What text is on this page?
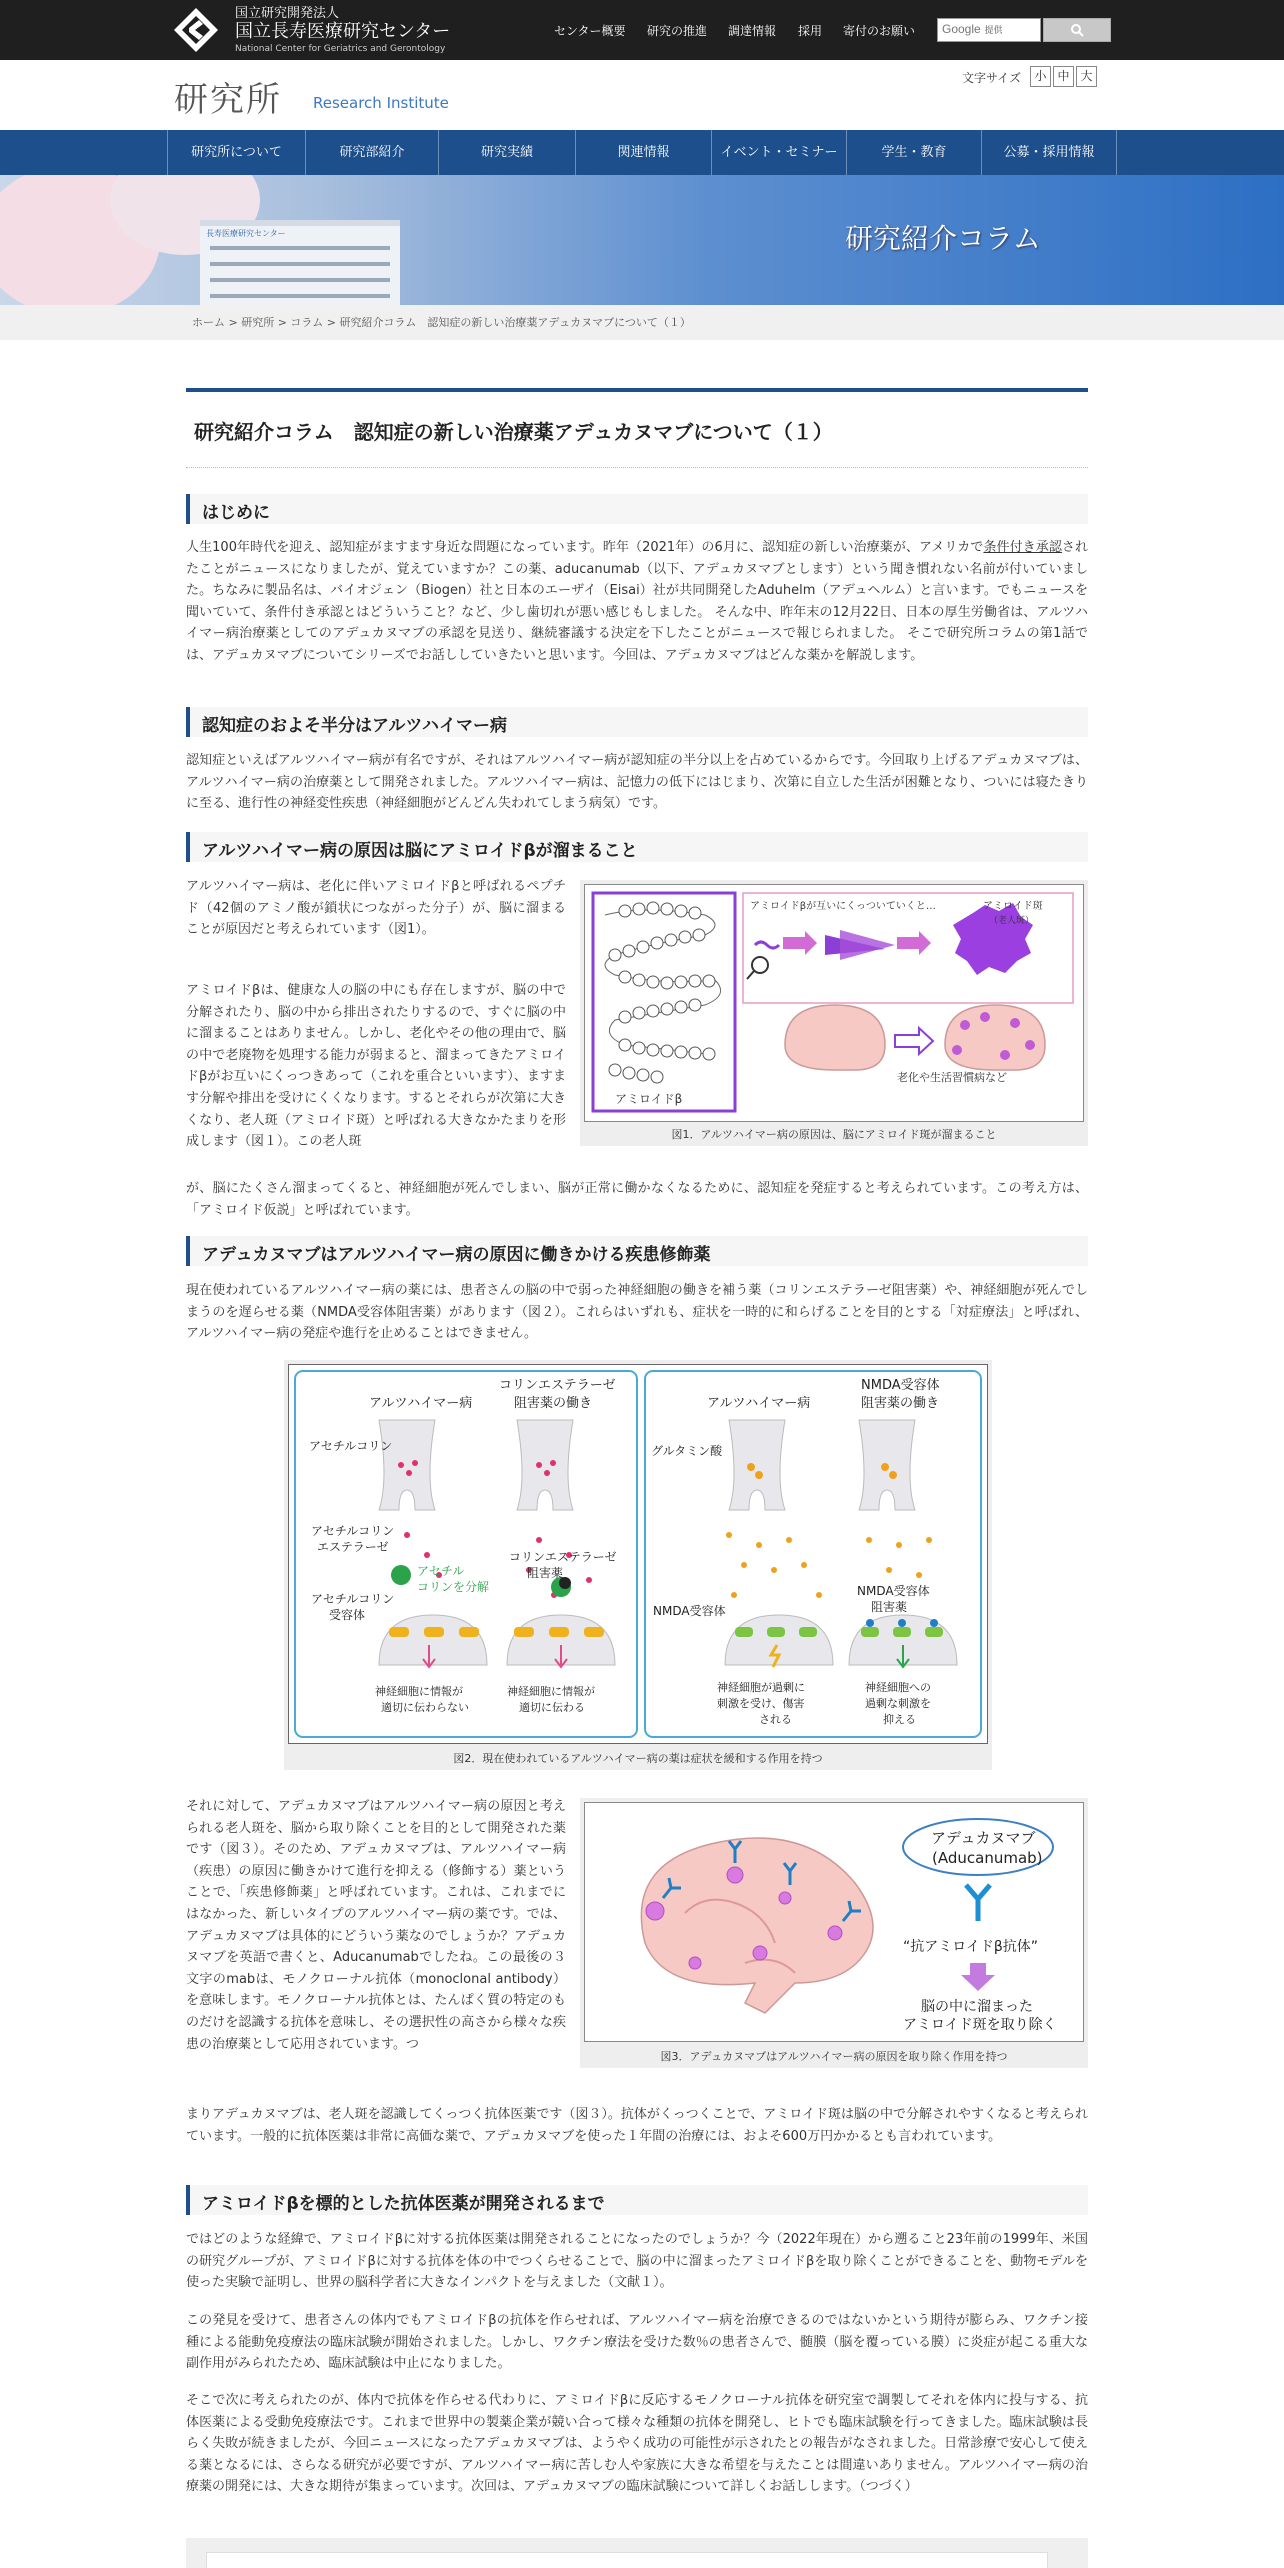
国立研究開発法人
国立長寿医療研究センター
National Center for Geriatrics and Gerontology
センター概要 研究の推進 調達情報 採用 寄付のお願い	Google 提供
研究所 Research Institute
文字サイズ	小 中 大
研究所について	研究部紹介	研究実績	関連情報	イベント・セミナー	学生・教育	公募・採用情報
長寿医療研究センター	研究紹介コラム
ホーム > 研究所 > コラム > 研究紹介コラム　認知症の新しい治療薬アデュカヌマブについて（１）
研究紹介コラム　認知症の新しい治療薬アデュカヌマブについて（１）
はじめに
人生100年時代を迎え、認知症がますます身近な問題になっています。昨年（2021年）の6月に、認知症の新しい治療薬が、アメリカで条件付き承認されたことがニュースになりましたが、覚えていますか？この薬、aducanumab（以下、アデュカヌマブとします）という聞き慣れない名前が付いていました。ちなみに製品名は、バイオジェン（Biogen）社と日本のエーザイ（Eisai）社が共同開発したAduhelm（アデュヘルム）と言います。でもニュースを聞いていて、条件付き承認とはどういうこと？など、少し歯切れが悪い感じもしました。 そんな中、昨年末の12月22日、日本の厚生労働省は、アルツハイマー病治療薬としてのアデュカヌマブの承認を見送り、継続審議する決定を下したことがニュースで報じられました。 そこで研究所コラムの第1話では、アデュカヌマブについてシリーズでお話ししていきたいと思います。今回は、アデュカヌマブはどんな薬かを解説します。
認知症のおよそ半分はアルツハイマー病
認知症といえばアルツハイマー病が有名ですが、それはアルツハイマー病が認知症の半分以上を占めているからです。今回取り上げるアデュカヌマブは、アルツハイマー病の治療薬として開発されました。アルツハイマー病は、記憶力の低下にはじまり、次第に自立した生活が困難となり、ついには寝たきりに至る、進行性の神経変性疾患（神経細胞がどんどん失われてしまう病気）です。
アルツハイマー病の原因は脳にアミロイドβが溜まること
アルツハイマー病は、老化に伴いアミロイドβと呼ばれるペプチド（42個のアミノ酸が鎖状につながった分子）が、脳に溜まることが原因だと考えられています（図1）。
アミロイドβは、健康な人の脳の中にも存在しますが、脳の中で分解されたり、脳の中から排出されたりするので、すぐに脳の中に溜まることはありません。しかし、老化やその他の理由で、脳の中で老廃物を処理する能力が弱まると、溜まってきたアミロイドβがお互いにくっつきあって（これを重合といいます）、ますます分解や排出を受けにくくなります。するとそれらが次第に大きくなり、老人斑（アミロイド斑）と呼ばれる大きなかたまりを形成します（図１）。この老人斑
が、脳にたくさん溜まってくると、神経細胞が死んでしまい、脳が正常に働かなくなるために、認知症を発症すると考えられています。この考え方は、「アミロイド仮説」と呼ばれています。
アミロイドβ
アミロイドβが互いにくっついていくと…	アミロイド斑
（老人斑）
老化や生活習慣病など
図1．アルツハイマー病の原因は、脳にアミロイド斑が溜まること
アデュカヌマブはアルツハイマー病の原因に働きかける疾患修飾薬
現在使われているアルツハイマー病の薬には、患者さんの脳の中で弱った神経細胞の働きを補う薬（コリンエステラーゼ阻害薬）や、神経細胞が死んでしまうのを遅らせる薬（NMDA受容体阻害薬）があります（図２）。これらはいずれも、症状を一時的に和らげることを目的とする「対症療法」と呼ばれ、アルツハイマー病の発症や進行を止めることはできません。
アルツハイマー病
コリンエステラーゼ
阻害薬の働き
アセチルコリン
アセチルコリン
エステラーゼ
アセチル
コリンを分解
コリンエステラーゼ
阻害薬
アセチルコリン
受容体
神経細胞に情報が
適切に伝わらない
神経細胞に情報が
適切に伝わる
アルツハイマー病
NMDA受容体
阻害薬の働き
グルタミン酸
NMDA受容体
NMDA受容体
阻害薬
神経細胞が過剰に
刺激を受け、傷害
される
神経細胞への
過剰な刺激を
抑える
図2．現在使われているアルツハイマー病の薬は症状を緩和する作用を持つ
それに対して、アデュカヌマブはアルツハイマー病の原因と考えられる老人斑を、脳から取り除くことを目的として開発された薬です（図３）。そのため、アデュカヌマブは、アルツハイマー病（疾患）の原因に働きかけて進行を抑える（修飾する）薬ということで、「疾患修飾薬」と呼ばれています。これは、これまでにはなかった、新しいタイプのアルツハイマー病の薬です。では、アデュカヌマブは具体的にどういう薬なのでしょうか？アデュカヌマブを英語で書くと、Aducanumabでしたね。この最後の３文字のmabは、モノクローナル抗体（monoclonal antibody）を意味します。モノクローナル抗体とは、たんぱく質の特定のものだけを認識する抗体を意味し、その選択性の高さから様々な疾患の治療薬として応用されています。つ
まりアデュカヌマブは、老人斑を認識してくっつく抗体医薬です（図３）。抗体がくっつくことで、アミロイド斑は脳の中で分解されやすくなると考えられています。一般的に抗体医薬は非常に高価な薬で、アデュカヌマブを使った１年間の治療には、およそ600万円かかるとも言われています。
アデュカヌマブ
(Aducanumab)
“抗アミロイドβ抗体”
脳の中に溜まった
アミロイド斑を取り除く
図3．アデュカヌマブはアルツハイマー病の原因を取り除く作用を持つ
アミロイドβを標的とした抗体医薬が開発されるまで
ではどのような経緯で、アミロイドβに対する抗体医薬は開発されることになったのでしょうか？今（2022年現在）から遡ること23年前の1999年、米国の研究グループが、アミロイドβに対する抗体を体の中でつくらせることで、脳の中に溜まったアミロイドβを取り除くことができることを、動物モデルを使った実験で証明し、世界の脳科学者に大きなインパクトを与えました（文献１）。
この発見を受けて、患者さんの体内でもアミロイドβの抗体を作らせれば、アルツハイマー病を治療できるのではないかという期待が膨らみ、ワクチン接種による能動免疫療法の臨床試験が開始されました。しかし、ワクチン療法を受けた数％の患者さんで、髄膜（脳を覆っている膜）に炎症が起こる重大な副作用がみられたため、臨床試験は中止になりました。
そこで次に考えられたのが、体内で抗体を作らせる代わりに、アミロイドβに反応するモノクローナル抗体を研究室で調製してそれを体内に投与する、抗体医薬による受動免疫療法です。これまで世界中の製薬企業が競い合って様々な種類の抗体を開発し、ヒトでも臨床試験を行ってきました。臨床試験は長らく失敗が続きましたが、今回ニュースになったアデュカヌマブは、ようやく成功の可能性が示されたとの報告がなされました。日常診療で安心して使える薬となるには、さらなる研究が必要ですが、アルツハイマー病に苦しむ人や家族に大きな希望を与えたことは間違いありません。アルツハイマー病の治療薬の開発には、大きな期待が集まっています。次回は、アデュカヌマブの臨床試験について詳しくお話しします。（つづく）
